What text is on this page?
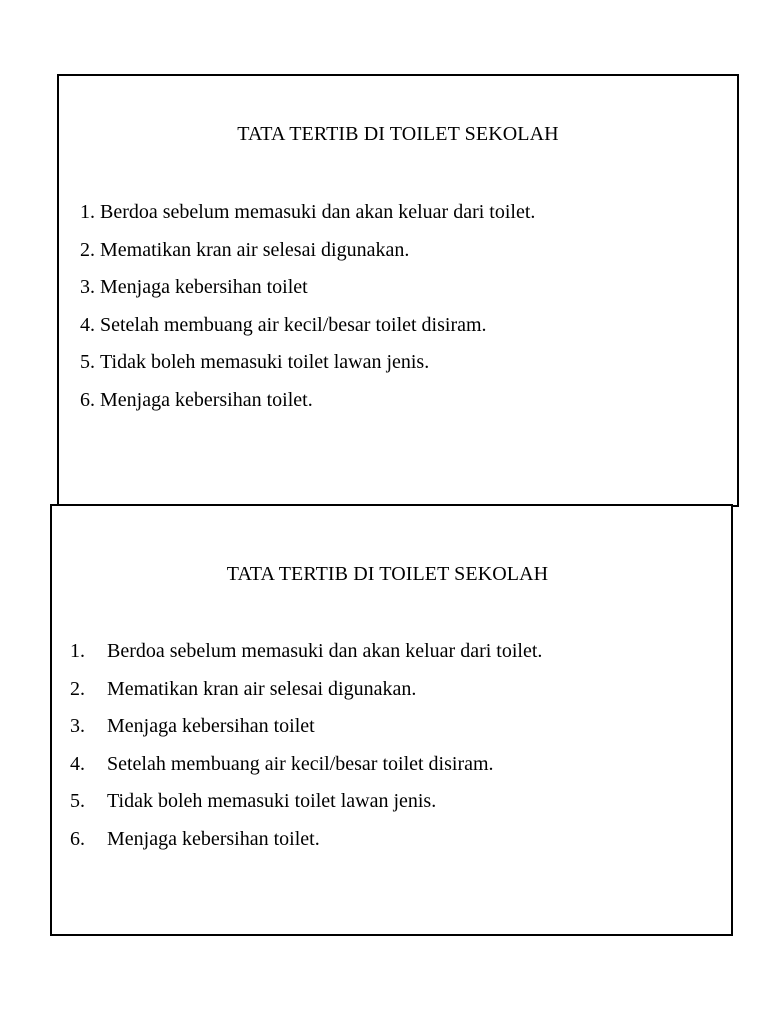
TATA TERTIB DI TOILET SEKOLAH
1. Berdoa sebelum memasuki dan akan keluar dari toilet.
2. Mematikan kran air selesai digunakan.
3. Menjaga kebersihan toilet
4. Setelah membuang air kecil/besar toilet disiram.
5. Tidak boleh memasuki toilet lawan jenis.
6. Menjaga kebersihan toilet.
TATA TERTIB DI TOILET SEKOLAH
1. Berdoa sebelum memasuki dan akan keluar dari toilet.
2. Mematikan kran air selesai digunakan.
3. Menjaga kebersihan toilet
4. Setelah membuang air kecil/besar toilet disiram.
5. Tidak boleh memasuki toilet lawan jenis.
6. Menjaga kebersihan toilet.
